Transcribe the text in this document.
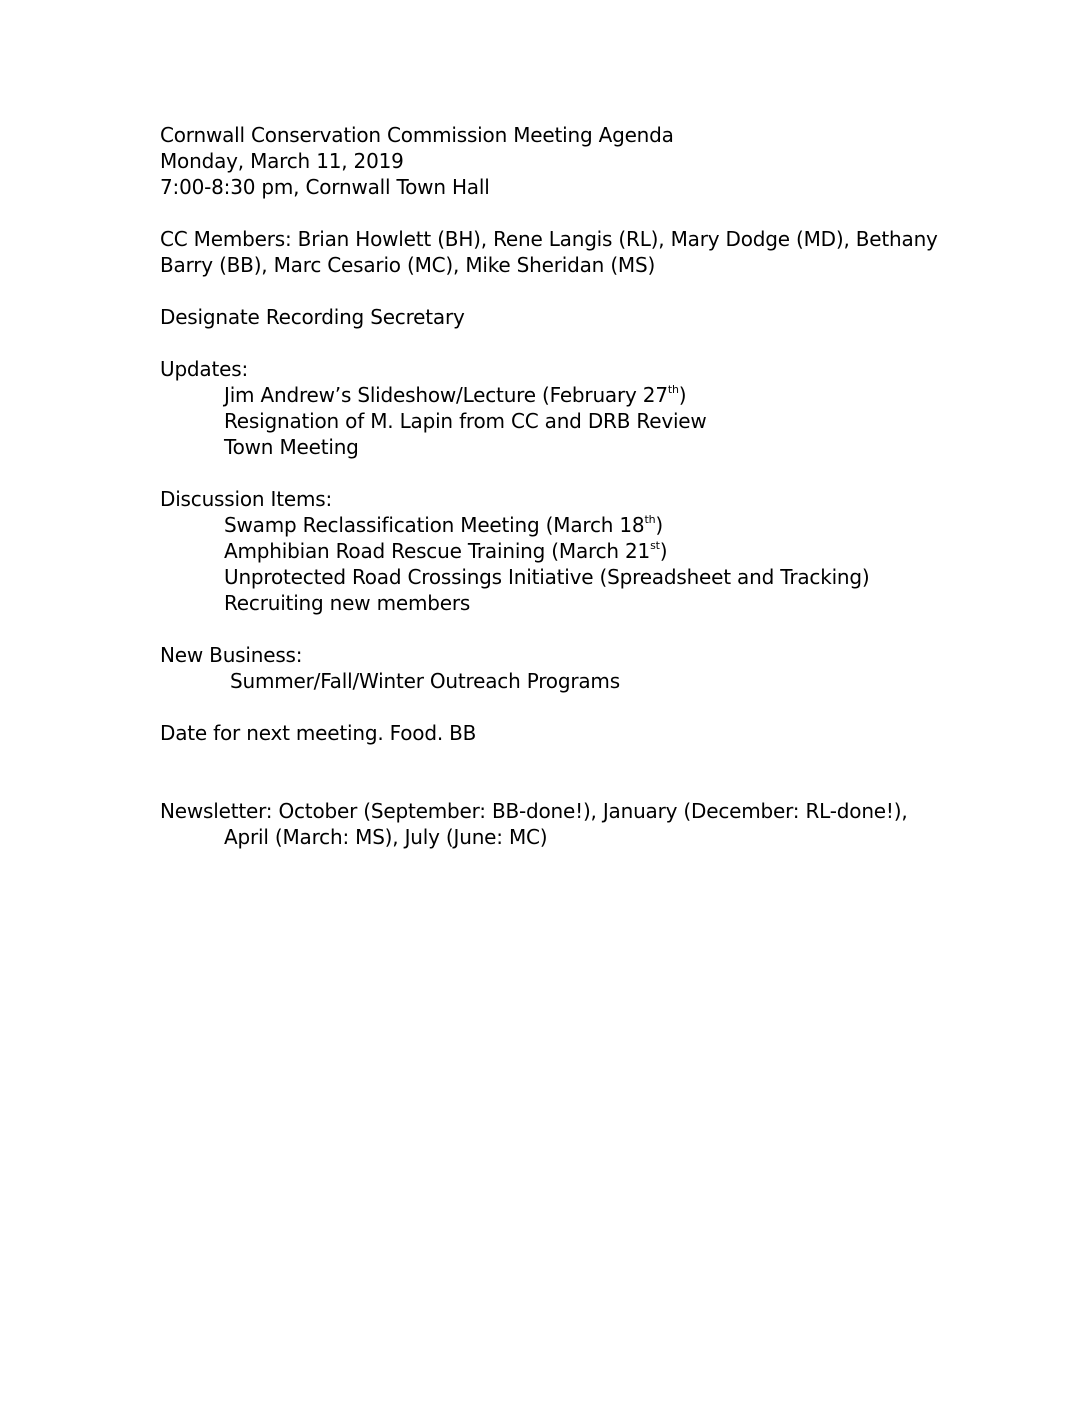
Cornwall Conservation Commission Meeting Agenda
Monday, March 11, 2019
7:00-8:30 pm, Cornwall Town Hall
CC Members: Brian Howlett (BH), Rene Langis (RL), Mary Dodge (MD), Bethany
Barry (BB), Marc Cesario (MC), Mike Sheridan (MS)
Designate Recording Secretary
Updates:
Jim Andrew’s Slideshow/Lecture (February 27th)
Resignation of M. Lapin from CC and DRB Review
Town Meeting
Discussion Items:
Swamp Reclassification Meeting (March 18th)
Amphibian Road Rescue Training (March 21st)
Unprotected Road Crossings Initiative (Spreadsheet and Tracking)
Recruiting new members
New Business:
Summer/Fall/Winter Outreach Programs
Date for next meeting. Food. BB
Newsletter: October (September: BB-done!), January (December: RL-done!),
April (March: MS), July (June: MC)
